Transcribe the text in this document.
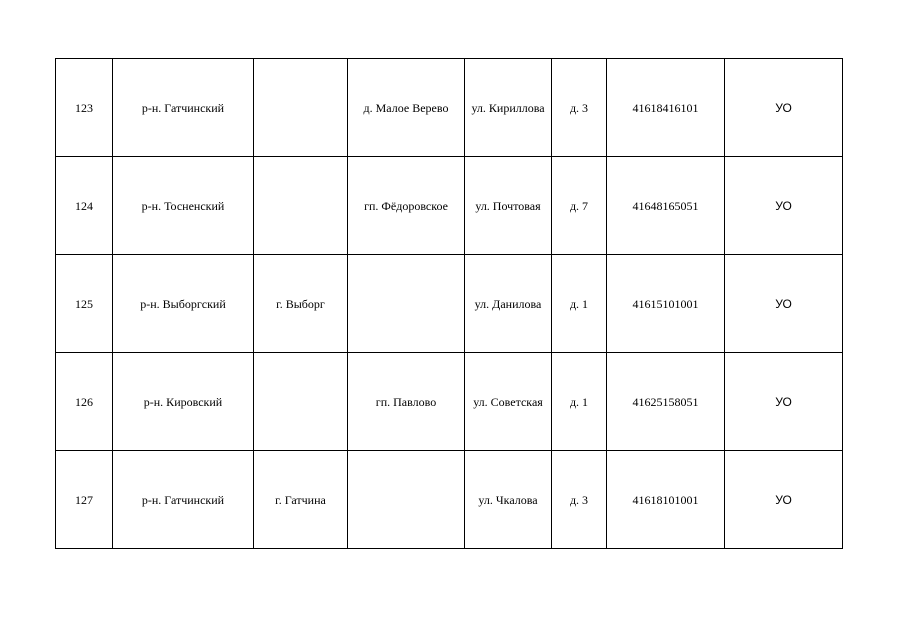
123	р-н. Гатчинский		д. Малое Верево	ул. Кириллова	д. 3	41618416101	УО
124	р-н. Тосненский		гп. Фёдоровское	ул. Почтовая	д. 7	41648165051	УО
125	р-н. Выборгский	г. Выборг		ул. Данилова	д. 1	41615101001	УО
126	р-н. Кировский		гп. Павлово	ул. Советская	д. 1	41625158051	УО
127	р-н. Гатчинский	г. Гатчина		ул. Чкалова	д. 3	41618101001	УО
